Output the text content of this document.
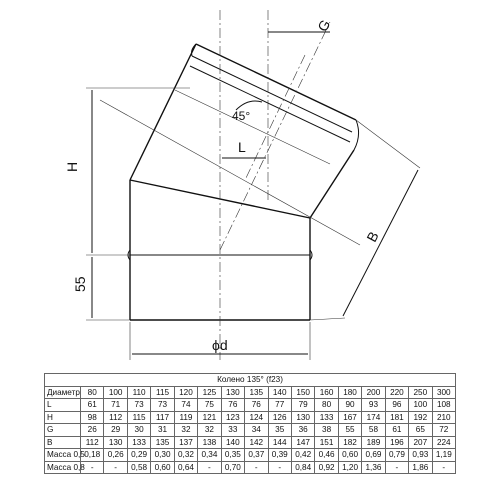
G
L
45°
H
B
55
ϕd
Колено 135° (f23)																
Диаметр	80	100	110	115	120	125	130	135	140	150	160	180	200	220	250	300
L	61	71	73	73	74	75	76	76	77	79	80	90	93	96	100	108
H	98	112	115	117	119	121	123	124	126	130	133	167	174	181	192	210
G	26	29	30	31	32	32	33	34	35	36	38	55	58	61	65	72
B	112	130	133	135	137	138	140	142	144	147	151	182	189	196	207	224
Масса 0,5	0,18	0,26	0,29	0,30	0,32	0,34	0,35	0,37	0,39	0,42	0,46	0,60	0,69	0,79	0,93	1,19
Масса 0,8	-	-	0,58	0,60	0,64	-	0,70	-	-	0,84	0,92	1,20	1,36	-	1,86	-
